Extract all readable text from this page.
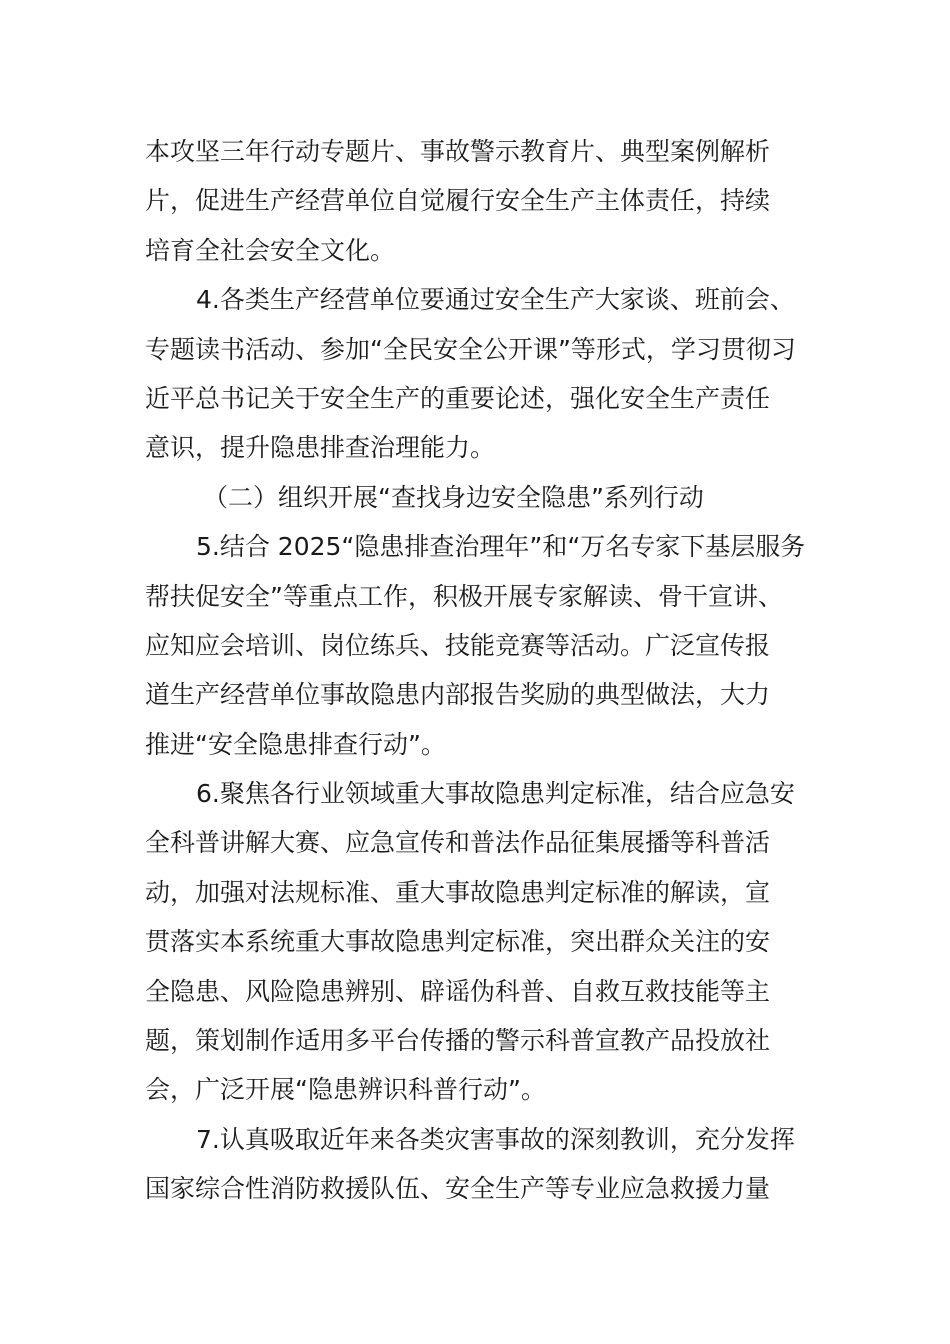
本攻坚三年行动专题片、事故警示教育片、典型案例解析
片，促进生产经营单位自觉履行安全生产主体责任，持续
培育全社会安全文化。
4.各类生产经营单位要通过安全生产大家谈、班前会、
专题读书活动、参加“全民安全公开课”等形式，学习贯彻习
近平总书记关于安全生产的重要论述，强化安全生产责任
意识，提升隐患排查治理能力。
（二）组织开展“查找身边安全隐患”系列行动
5.结合 2025“隐患排查治理年”和“万名专家下基层服务
帮扶促安全”等重点工作，积极开展专家解读、骨干宣讲、
应知应会培训、岗位练兵、技能竞赛等活动。广泛宣传报
道生产经营单位事故隐患内部报告奖励的典型做法，大力
推进“安全隐患排查行动”。
6.聚焦各行业领域重大事故隐患判定标准，结合应急安
全科普讲解大赛、应急宣传和普法作品征集展播等科普活
动，加强对法规标准、重大事故隐患判定标准的解读，宣
贯落实本系统重大事故隐患判定标准，突出群众关注的安
全隐患、风险隐患辨别、辟谣伪科普、自救互救技能等主
题，策划制作适用多平台传播的警示科普宣教产品投放社
会，广泛开展“隐患辨识科普行动”。
7.认真吸取近年来各类灾害事故的深刻教训，充分发挥
国家综合性消防救援队伍、安全生产等专业应急救援力量
